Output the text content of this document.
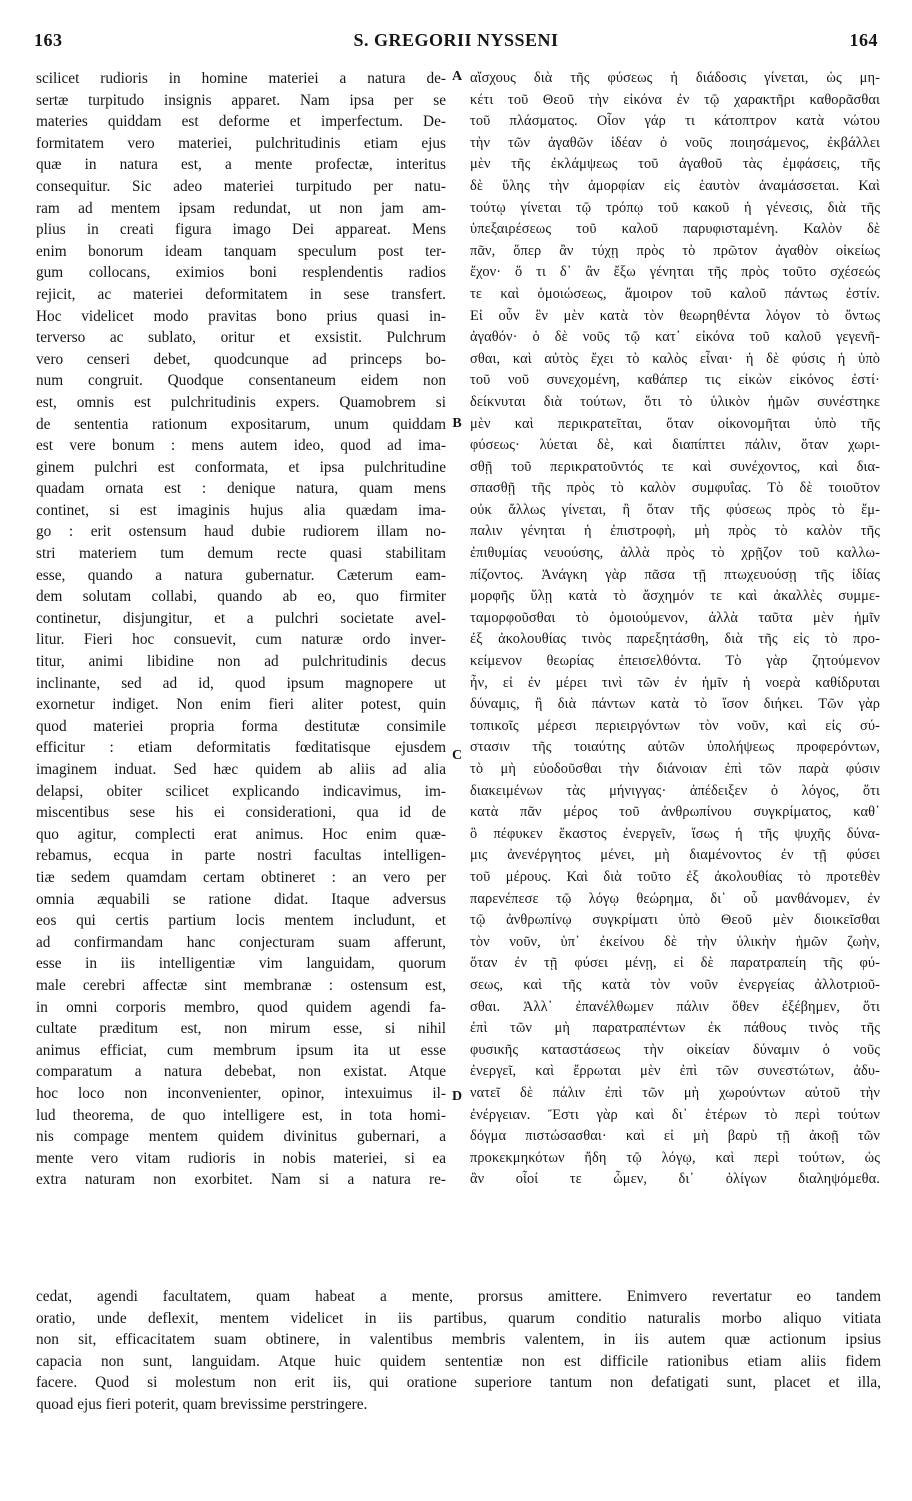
S. GREGORII NYSSENI
163	164
scilicet rudioris in homine materiei a natura de-
sertæ turpitudo insignis apparet. Nam ipsa per se
materies quiddam est deforme et imperfectum. De-
formitatem vero materiei, pulchritudinis etiam ejus
quæ in natura est, a mente profectæ, interitus
consequitur. Sic adeo materiei turpitudo per natu-
ram ad mentem ipsam redundat, ut non jam am-
plius in creati figura imago Dei appareat. Mens
enim bonorum ideam tanquam speculum post ter-
gum collocans, eximios boni resplendentis radios
rejicit, ac materiei deformitatem in sese transfert.
Hoc videlicet modo pravitas bono prius quasi in-
terverso ac sublato, oritur et exsistit. Pulchrum
vero censeri debet, quodcunque ad princeps bo-
num congruit. Quodque consentaneum eidem non
est, omnis est pulchritudinis expers. Quamobrem si
de sententia rationum expositarum, unum quiddam
est vere bonum : mens autem ideo, quod ad ima-
ginem pulchri est conformata, et ipsa pulchritudine
quadam ornata est : denique natura, quam mens
continet, si est imaginis hujus alia quædam ima-
go : erit ostensum haud dubie rudiorem illam no-
stri materiem tum demum recte quasi stabilitam
esse, quando a natura gubernatur. Cæterum eam-
dem solutam collabi, quando ab eo, quo firmiter
continetur, disjungitur, et a pulchri societate avel-
litur. Fieri hoc consuevit, cum naturæ ordo inver-
titur, animi libidine non ad pulchritudinis decus
inclinante, sed ad id, quod ipsum magnopere ut
exornetur indiget. Non enim fieri aliter potest, quin
quod materiei propria forma destitutæ consimile
efficitur : etiam deformitatis fœditatisque ejusdem
imaginem induat. Sed hæc quidem ab aliis ad alia
delapsi, obiter scilicet explicando indicavimus, im-
miscentibus sese his ei considerationi, qua id de
quo agitur, complecti erat animus. Hoc enim quæ-
rebamus, ecqua in parte nostri facultas intelligen-
tiæ sedem quamdam certam obtineret : an vero per
omnia æquabili se ratione didat. Itaque adversus
eos qui certis partium locis mentem includunt, et
ad confirmandam hanc conjecturam suam afferunt,
esse in iis intelligentiæ vim languidam, quorum
male cerebri affectæ sint membranæ : ostensum est,
in omni corporis membro, quod quidem agendi fa-
cultate præditum est, non mirum esse, si nihil
animus efficiat, cum membrum ipsum ita ut esse
comparatum a natura debebat, non existat. Atque
hoc loco non inconvenienter, opinor, intexuimus il-
lud theorema, de quo intelligere est, in tota homi-
nis compage mentem quidem divinitus gubernari, a
mente vero vitam rudioris in nobis materiei, si ea
extra naturam non exorbitet. Nam si a natura re-
αἴσχους διὰ τῆς φύσεως ἡ διάδοσις γίνεται, ὡς μη-
κέτι τοῦ Θεοῦ τὴν εἰκόνα ἐν τῷ χαρακτῆρι καθορᾶσθαι
τοῦ πλάσματος. Οἷον γάρ τι κάτοπτρον κατὰ νώτου
τὴν τῶν ἀγαθῶν ἰδέαν ὁ νοῦς ποιησάμενος, ἐκβάλλει
μὲν τῆς ἐκλάμψεως τοῦ ἀγαθοῦ τὰς ἐμφάσεις, τῆς
δὲ ὕλης τὴν ἀμορφίαν εἰς ἑαυτὸν ἀναμάσσεται. Καὶ
τούτῳ γίνεται τῷ τρόπῳ τοῦ κακοῦ ἡ γένεσις, διὰ τῆς
ὑπεξαιρέσεως τοῦ καλοῦ παρυφισταμένη. Καλὸν δὲ
πᾶν, ὅπερ ἂν τύχῃ πρὸς τὸ πρῶτον ἀγαθὸν οἰκείως
ἔχον· ὅ τι δ᾽ ἂν ἔξω γένηται τῆς πρὸς τοῦτο σχέσεώς
τε καὶ ὁμοιώσεως, ἄμοιρον τοῦ καλοῦ πάντως ἐστίν.
Εἰ οὖν ἓν μὲν κατὰ τὸν θεωρηθέντα λόγον τὸ ὄντως
ἀγαθόν· ὁ δὲ νοῦς τῷ κατ᾽ εἰκόνα τοῦ καλοῦ γεγενῆ-
σθαι, καὶ αὐτὸς ἔχει τὸ καλὸς εἶναι· ἡ δὲ φύσις ἡ ὑπὸ
τοῦ νοῦ συνεχομένη, καθάπερ τις εἰκὼν εἰκόνος ἐστί·
δείκνυται διὰ τούτων, ὅτι τὸ ὑλικὸν ἡμῶν συνέστηκε
μὲν καὶ περικρατεῖται, ὅταν οἰκονομῆται ὑπὸ τῆς
φύσεως· λύεται δὲ, καὶ διαπίπτει πάλιν, ὅταν χωρι-
σθῇ τοῦ περικρατοῦντός τε καὶ συνέχοντος, καὶ δια-
σπασθῇ τῆς πρὸς τὸ καλὸν συμφυΐας. Τὸ δὲ τοιοῦτον
οὐκ ἄλλως γίνεται, ἢ ὅταν τῆς φύσεως πρὸς τὸ ἔμ-
παλιν γένηται ἡ ἐπιστροφὴ, μὴ πρὸς τὸ καλὸν τῆς
ἐπιθυμίας νευούσης, ἀλλὰ πρὸς τὸ χρῇζον τοῦ καλλω-
πίζοντος. Ἀνάγκη γὰρ πᾶσα τῇ πτωχευούσῃ τῆς ἰδίας
μορφῆς ὕλῃ κατὰ τὸ ἄσχημόν τε καὶ ἀκαλλὲς συμμε-
ταμορφοῦσθαι τὸ ὁμοιούμενον, ἀλλὰ ταῦτα μὲν ἡμῖν
ἐξ ἀκολουθίας τινὸς παρεξητάσθη, διὰ τῆς εἰς τὸ προ-
κείμενον θεωρίας ἐπεισελθόντα. Τὸ γὰρ ζητούμενον
ἦν, εἰ ἐν μέρει τινὶ τῶν ἐν ἡμῖν ἡ νοερὰ καθίδρυται
δύναμις, ἢ διὰ πάντων κατὰ τὸ ἴσον διήκει. Τῶν γὰρ
τοπικοῖς μέρεσι περιειργόντων τὸν νοῦν, καὶ εἰς σύ-
στασιν τῆς τοιαύτης αὐτῶν ὑπολήψεως προφερόντων,
τὸ μὴ εὐοδοῦσθαι τὴν διάνοιαν ἐπὶ τῶν παρὰ φύσιν
διακειμένων τὰς μήνιγγας· ἀπέδειξεν ὁ λόγος, ὅτι
κατὰ πᾶν μέρος τοῦ ἀνθρωπίνου συγκρίματος, καθ᾽
ὃ πέφυκεν ἕκαστος ἐνεργεῖν, ἴσως ἡ τῆς ψυχῆς δύνα-
μις ἀνενέργητος μένει, μὴ διαμένοντος ἐν τῇ φύσει
τοῦ μέρους. Καὶ διὰ τοῦτο ἐξ ἀκολουθίας τὸ προτεθὲν
παρενέπεσε τῷ λόγῳ θεώρημα, δι᾽ οὗ μανθάνομεν, ἐν
τῷ ἀνθρωπίνῳ συγκρίματι ὑπὸ Θεοῦ μὲν διοικεῖσθαι
τὸν νοῦν, ὑπ᾽ ἐκείνου δὲ τὴν ὑλικὴν ἡμῶν ζωὴν,
ὅταν ἐν τῇ φύσει μένῃ, εἰ δὲ παρατραπείη τῆς φύ-
σεως, καὶ τῆς κατὰ τὸν νοῦν ἐνεργείας ἀλλοτριοῦ-
σθαι. Ἀλλ᾽ ἐπανέλθωμεν πάλιν ὅθεν ἐξέβημεν, ὅτι
ἐπὶ τῶν μὴ παρατραπέντων ἐκ πάθους τινὸς τῆς
φυσικῆς καταστάσεως τὴν οἰκείαν δύναμιν ὁ νοῦς
ἐνεργεῖ, καὶ ἔρρωται μὲν ἐπὶ τῶν συνεστώτων, ἀδυ-
νατεῖ δὲ πάλιν ἐπὶ τῶν μὴ χωρούντων αὐτοῦ τὴν
ἐνέργειαν. Ἔστι γὰρ καὶ δι᾽ ἑτέρων τὸ περὶ τούτων
δόγμα πιστώσασθαι· καὶ εἰ μὴ βαρὺ τῇ ἀκοῇ τῶν
προκεκμηκότων ἤδη τῷ λόγῳ, καὶ περὶ τούτων, ὡς
ἂν οἷοί τε ὦμεν, δι᾽ ὀλίγων διαληψόμεθα.
A
B
C
D
cedat, agendi facultatem, quam habeat a mente, prorsus amittere. Enimvero revertatur eo tandem
oratio, unde deflexit, mentem videlicet in iis partibus, quarum conditio naturalis morbo aliquo vitiata
non sit, efficacitatem suam obtinere, in valentibus membris valentem, in iis autem quæ actionum ipsius
capacia non sunt, languidam. Atque huic quidem sententiæ non est difficile rationibus etiam aliis fidem
facere. Quod si molestum non erit iis, qui oratione superiore tantum non defatigati sunt, placet et illa,
quoad ejus fieri poterit, quam brevissime perstringere.
